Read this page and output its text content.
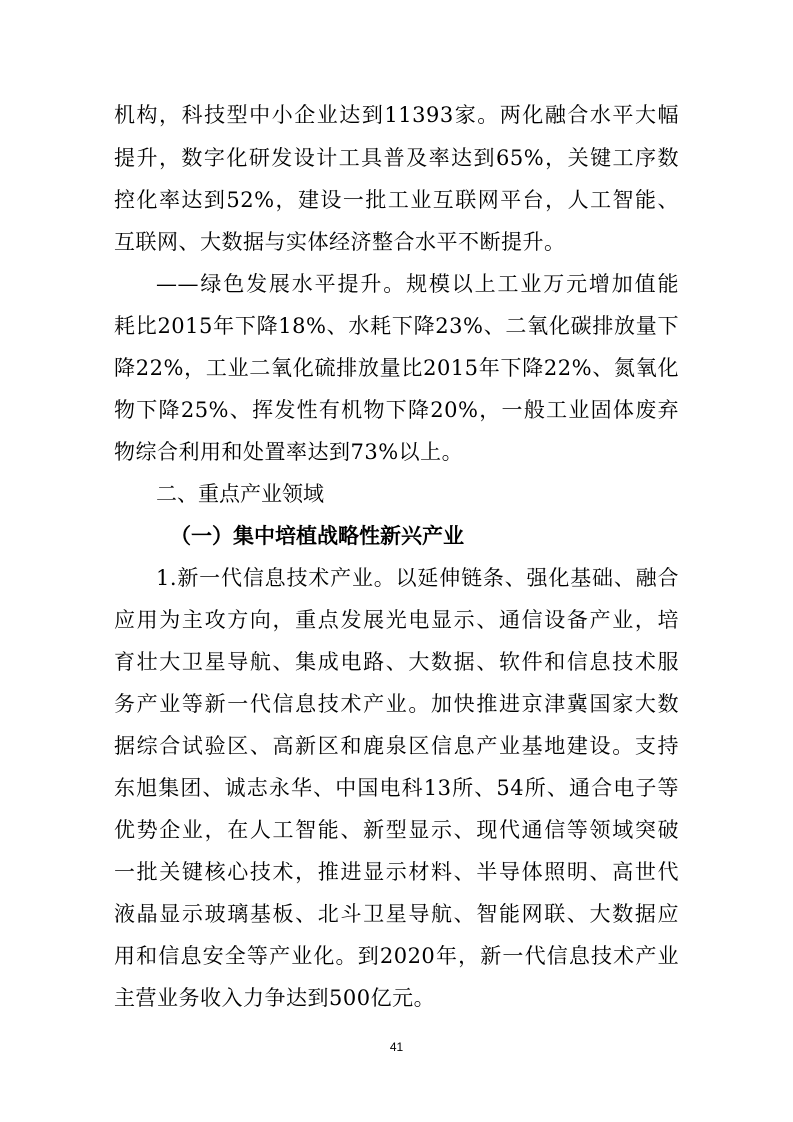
机构，科技型中小企业达到11393家。两化融合水平大幅
提升，数字化研发设计工具普及率达到65%，关键工序数
控化率达到52%，建设一批工业互联网平台，人工智能、
互联网、大数据与实体经济整合水平不断提升。
——绿色发展水平提升。规模以上工业万元增加值能
耗比2015年下降18%、水耗下降23%、二氧化碳排放量下
降22%，工业二氧化硫排放量比2015年下降22%、氮氧化
物下降25%、挥发性有机物下降20%，一般工业固体废弃
物综合利用和处置率达到73%以上。
二、重点产业领域
（一）集中培植战略性新兴产业
1.新一代信息技术产业。以延伸链条、强化基础、融合
应用为主攻方向，重点发展光电显示、通信设备产业，培
育壮大卫星导航、集成电路、大数据、软件和信息技术服
务产业等新一代信息技术产业。加快推进京津冀国家大数
据综合试验区、高新区和鹿泉区信息产业基地建设。支持
东旭集团、诚志永华、中国电科13所、54所、通合电子等
优势企业，在人工智能、新型显示、现代通信等领域突破
一批关键核心技术，推进显示材料、半导体照明、高世代
液晶显示玻璃基板、北斗卫星导航、智能网联、大数据应
用和信息安全等产业化。到2020年，新一代信息技术产业
主营业务收入力争达到500亿元。
41
